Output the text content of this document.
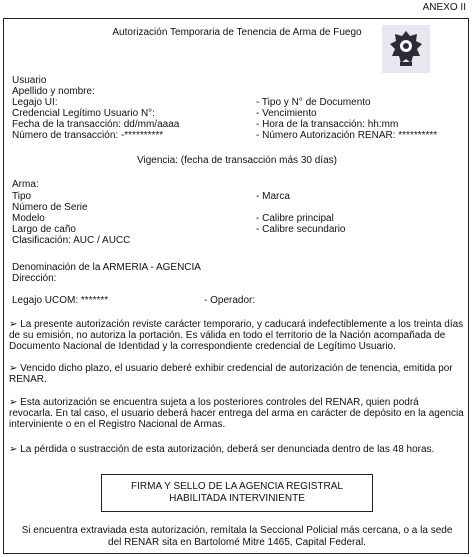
ANEXO II
Autorización Temporaria de Tenencia de Arma de Fuego
Usuario
Apellido y nombre:
Legajo UI:	- Tipo y N° de Documento
Credencial Legítimo Usuario N°:	- Vencimiento
Fecha de la transacción: dd/mm/aaaa	- Hora de la transacción: hh:mm
Número de transacción: -**********	- Número Autorización RENAR: **********
Vigencia: (fecha de transacción más 30 días)
Arma:
Tipo	- Marca
Número de Serie
Modelo	- Calibre principal
Largo de caño	- Calibre secundario
Clasificación: AUC / AUCC
Denominación de la ARMERIA - AGENCIA
Dirección:
Legajo UCOM: *******	- Operador:
➢ La presente autorización reviste carácter temporario, y caducará indefectiblemente a los treinta días de su emisión, no autoriza la portación. Es válida en todo el territorio de la Nación acompañada de Documento Nacional de Identidad y la correspondiente credencial de Legítimo Usuario.
➢ Vencido dicho plazo, el usuario deberé exhibir credencial de autorización de tenencia, emitida por RENAR.
➢ Esta autorización se encuentra sujeta a los posteriores controles del RENAR, quien podrá revocarla. En tal caso, el usuario deberá hacer entrega del arma en carácter de depósito en la agencia interviniente o en el Registro Nacional de Armas.
➢ La pérdida o sustracción de esta autorización, deberá ser denunciada dentro de las 48 horas.
FIRMA Y SELLO DE LA AGENCIA REGISTRAL
HABILITADA INTERVINIENTE
Si encuentra extraviada esta autorización, remítala la Seccional Policial más cercana, o a la sede
del RENAR sita en Bartolomé Mitre 1465, Capital Federal.
